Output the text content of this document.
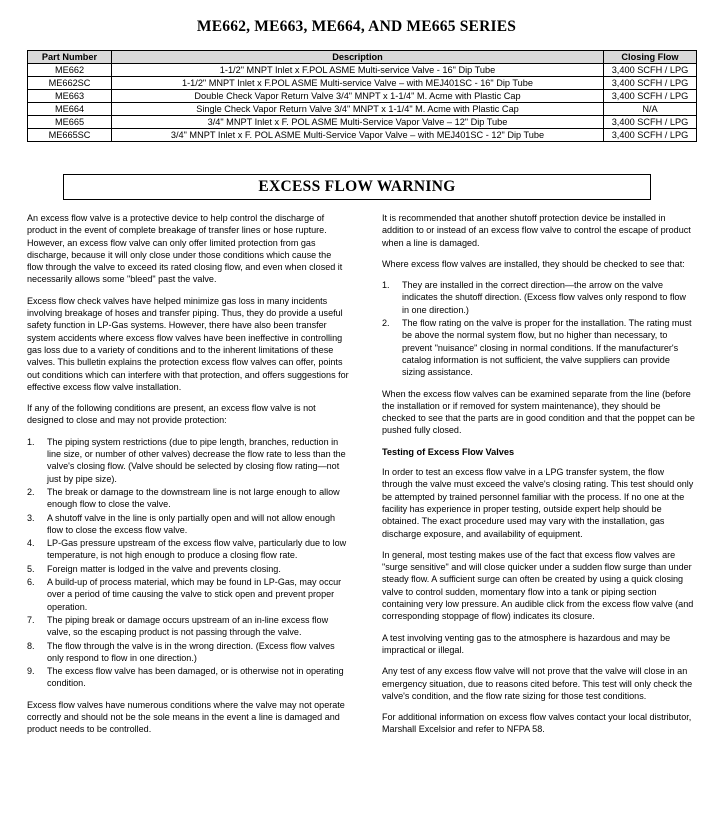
ME662, ME663, ME664, AND ME665 SERIES
Part Number	Description	Closing Flow
ME662	1-1/2" MNPT Inlet x F.POL ASME Multi-service Valve - 16" Dip Tube	3,400 SCFH / LPG
ME662SC	1-1/2" MNPT Inlet x F.POL ASME Multi-service Valve – with MEJ401SC - 16" Dip Tube	3,400 SCFH / LPG
ME663	Double Check Vapor Return Valve 3/4" MNPT x 1-1/4" M. Acme with Plastic Cap	3,400 SCFH / LPG
ME664	Single Check Vapor Return Valve 3/4" MNPT x 1-1/4" M. Acme with Plastic Cap	N/A
ME665	3/4" MNPT Inlet x F. POL ASME Multi-Service Vapor Valve – 12" Dip Tube	3,400 SCFH / LPG
ME665SC	3/4" MNPT Inlet x F. POL ASME Multi-Service Vapor Valve – with MEJ401SC - 12" Dip Tube	3,400 SCFH / LPG
EXCESS FLOW WARNING

An excess flow valve is a protective device to help control the discharge of product in the event of complete breakage of transfer lines or hose rupture. However, an excess flow valve can only offer limited protection from gas discharge, because it will only close under those conditions which cause the flow through the valve to exceed its rated closing flow, and even when closed it necessarily allows some "bleed" past the valve.

Excess flow check valves have helped minimize gas loss in many incidents involving breakage of hoses and transfer piping. Thus, they do provide a useful safety function in LP-Gas systems. However, there have also been transfer system accidents where excess flow valves have been ineffective in controlling gas loss due to a variety of conditions and to the inherent limitations of these valves. This bulletin explains the protection excess flow valves can offer, points out conditions which can interfere with that protection, and offers suggestions for effective excess flow valve installation.

If any of the following conditions are present, an excess flow valve is not designed to close and may not provide protection:

1. The piping system restrictions (due to pipe length, branches, reduction in line size, or number of other valves) decrease the flow rate to less than the valve's closing flow. (Valve should be selected by closing flow rating—not just by pipe size).
2. The break or damage to the downstream line is not large enough to allow enough flow to close the valve.
3. A shutoff valve in the line is only partially open and will not allow enough flow to close the excess flow valve.
4. LP-Gas pressure upstream of the excess flow valve, particularly due to low temperature, is not high enough to produce a closing flow rate.
5. Foreign matter is lodged in the valve and prevents closing.
6. A build-up of process material, which may be found in LP-Gas, may occur over a period of time causing the valve to stick open and prevent proper operation.
7. The piping break or damage occurs upstream of an in-line excess flow valve, so the escaping product is not passing through the valve.
8. The flow through the valve is in the wrong direction. (Excess flow valves only respond to flow in one direction.)
9. The excess flow valve has been damaged, or is otherwise not in operating condition.

Excess flow valves have numerous conditions where the valve may not operate correctly and should not be the sole means in the event a line is damaged and product needs to be controlled.

It is recommended that another shutoff protection device be installed in addition to or instead of an excess flow valve to control the escape of product when a line is damaged.

Where excess flow valves are installed, they should be checked to see that:

1. They are installed in the correct direction—the arrow on the valve indicates the shutoff direction. (Excess flow valves only respond to flow in one direction.)
2. The flow rating on the valve is proper for the installation. The rating must be above the normal system flow, but no higher than necessary, to prevent "nuisance" closing in normal conditions. If the manufacturer's catalog information is not sufficient, the valve suppliers can provide sizing assistance.

When the excess flow valves can be examined separate from the line (before the installation or if removed for system maintenance), they should be checked to see that the parts are in good condition and that the poppet can be pushed fully closed.

Testing of Excess Flow Valves

In order to test an excess flow valve in a LPG transfer system, the flow through the valve must exceed the valve's closing rating. This test should only be attempted by trained personnel familiar with the process. If no one at the facility has experience in proper testing, outside expert help should be obtained. The exact procedure used may vary with the installation, gas discharge exposure, and availability of equipment.

In general, most testing makes use of the fact that excess flow valves are "surge sensitive" and will close quicker under a sudden flow surge than under steady flow. A sufficient surge can often be created by using a quick closing valve to control sudden, momentary flow into a tank or piping section containing very low pressure. An audible click from the excess flow valve (and corresponding stoppage of flow) indicates its closure.

A test involving venting gas to the atmosphere is hazardous and may be impractical or illegal.

Any test of any excess flow valve will not prove that the valve will close in an emergency situation, due to reasons cited before. This test will only check the valve's condition, and the flow rate sizing for those test conditions.

For additional information on excess flow valves contact your local distributor, Marshall Excelsior and refer to NFPA 58.
